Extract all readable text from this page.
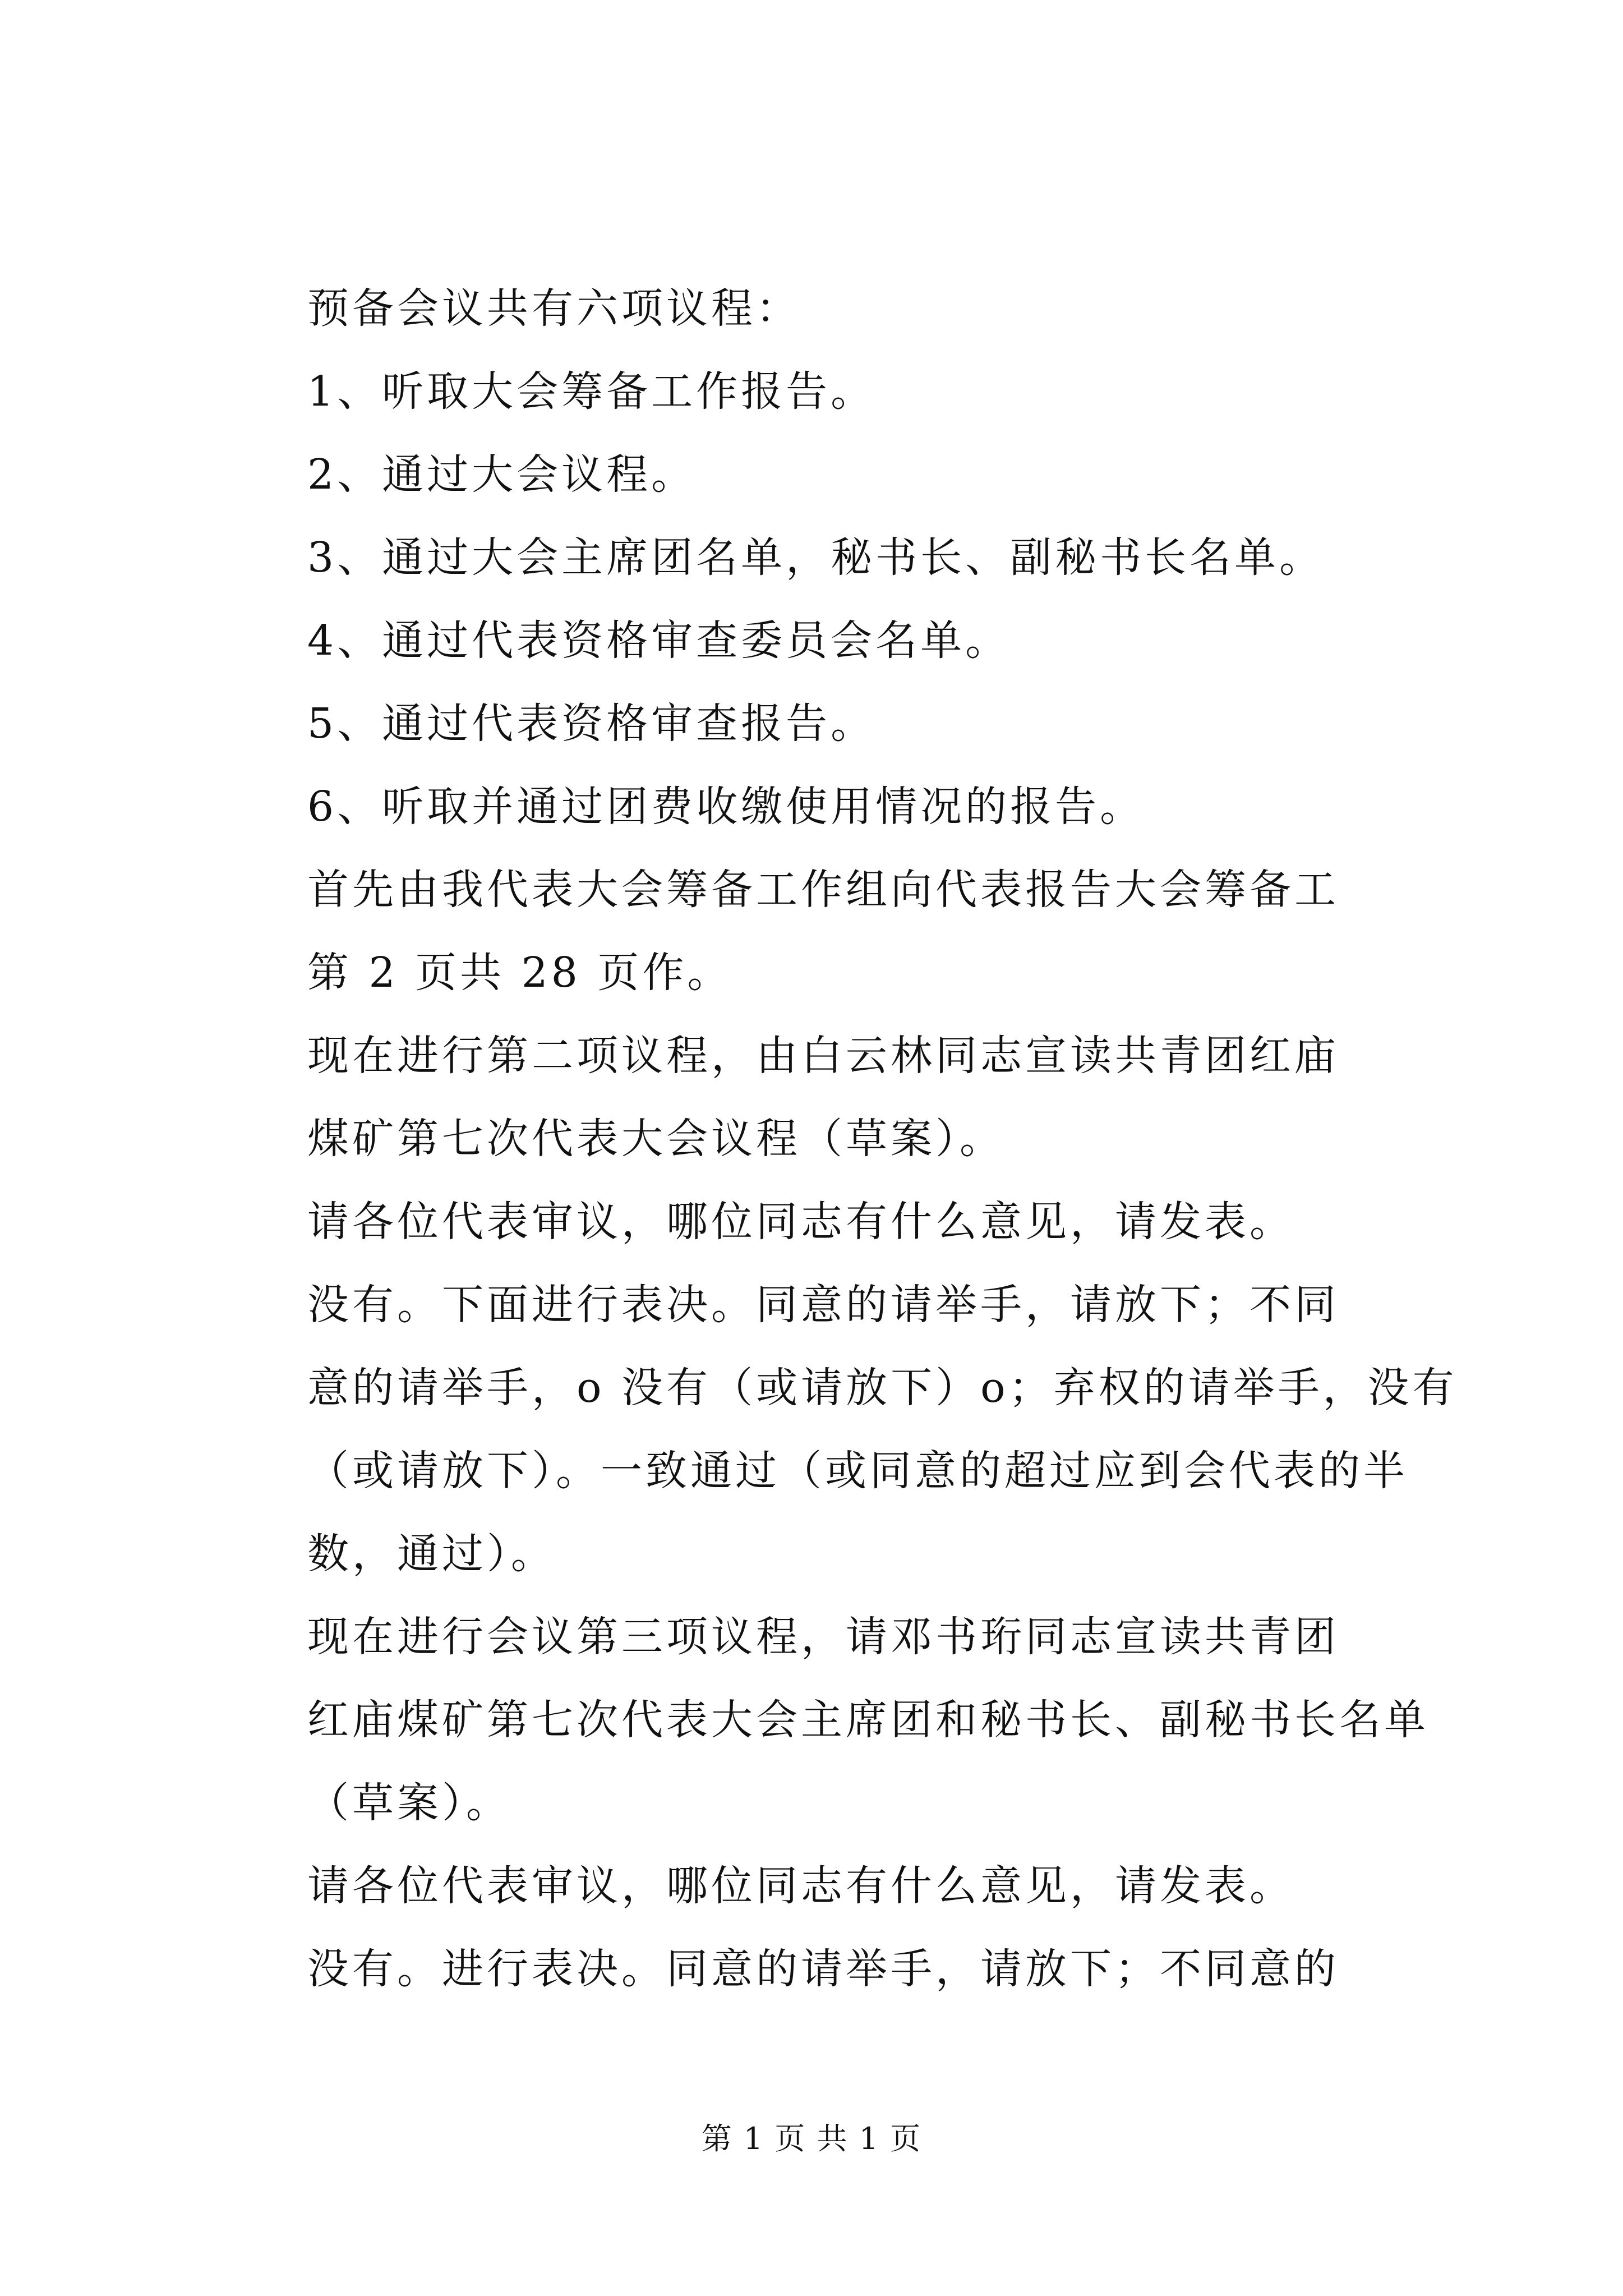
预备会议共有六项议程：
1、听取大会筹备工作报告。
2、通过大会议程。
3、通过大会主席团名单，秘书长、副秘书长名单。
4、通过代表资格审查委员会名单。
5、通过代表资格审查报告。
6、听取并通过团费收缴使用情况的报告。
首先由我代表大会筹备工作组向代表报告大会筹备工
第 2 页共 28 页作。
现在进行第二项议程，由白云林同志宣读共青团红庙
煤矿第七次代表大会议程（草案）。
请各位代表审议，哪位同志有什么意见，请发表。
没有。下面进行表决。同意的请举手，请放下；不同
意的请举手，o 没有（或请放下）o；弃权的请举手，没有
（或请放下）。一致通过（或同意的超过应到会代表的半
数，通过）。
现在进行会议第三项议程，请邓书珩同志宣读共青团
红庙煤矿第七次代表大会主席团和秘书长、副秘书长名单
（草案）。
请各位代表审议，哪位同志有什么意见，请发表。
没有。进行表决。同意的请举手，请放下；不同意的
第 1 页 共 1 页
